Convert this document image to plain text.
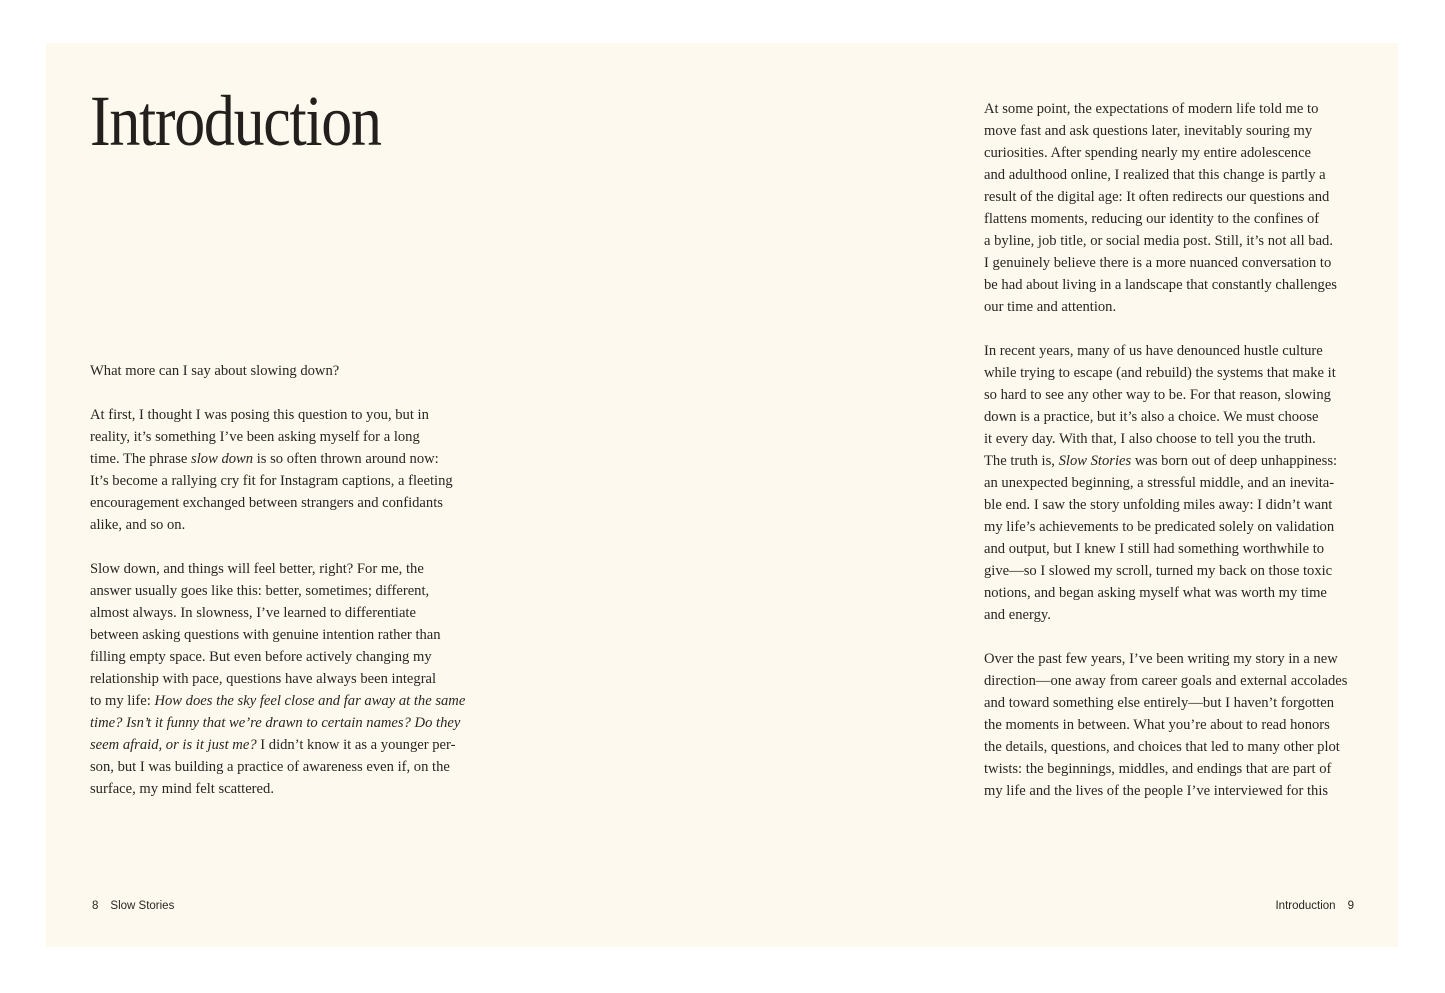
Introduction

What more can I say about slowing down?

At first, I thought I was posing this question to you, but in
reality, it’s something I’ve been asking myself for a long
time. The phrase slow down is so often thrown around now:
It’s become a rallying cry fit for Instagram captions, a fleeting
encouragement exchanged between strangers and confidants
alike, and so on.

Slow down, and things will feel better, right? For me, the
answer usually goes like this: better, sometimes; different,
almost always. In slowness, I’ve learned to differentiate
between asking questions with genuine intention rather than
filling empty space. But even before actively changing my
relationship with pace, questions have always been integral
to my life: How does the sky feel close and far away at the same
time? Isn’t it funny that we’re drawn to certain names? Do they
seem afraid, or is it just me? I didn’t know it as a younger per-
son, but I was building a practice of awareness even if, on the
surface, my mind felt scattered.

8 Slow Stories

At some point, the expectations of modern life told me to
move fast and ask questions later, inevitably souring my
curiosities. After spending nearly my entire adolescence
and adulthood online, I realized that this change is partly a
result of the digital age: It often redirects our questions and
flattens moments, reducing our identity to the confines of
a byline, job title, or social media post. Still, it’s not all bad.
I genuinely believe there is a more nuanced conversation to
be had about living in a landscape that constantly challenges
our time and attention.

In recent years, many of us have denounced hustle culture
while trying to escape (and rebuild) the systems that make it
so hard to see any other way to be. For that reason, slowing
down is a practice, but it’s also a choice. We must choose
it every day. With that, I also choose to tell you the truth.
The truth is, Slow Stories was born out of deep unhappiness:
an unexpected beginning, a stressful middle, and an inevita-
ble end. I saw the story unfolding miles away: I didn’t want
my life’s achievements to be predicated solely on validation
and output, but I knew I still had something worthwhile to
give—so I slowed my scroll, turned my back on those toxic
notions, and began asking myself what was worth my time
and energy.

Over the past few years, I’ve been writing my story in a new
direction—one away from career goals and external accolades
and toward something else entirely—but I haven’t forgotten
the moments in between. What you’re about to read honors
the details, questions, and choices that led to many other plot
twists: the beginnings, middles, and endings that are part of
my life and the lives of the people I’ve interviewed for this

Introduction 9
